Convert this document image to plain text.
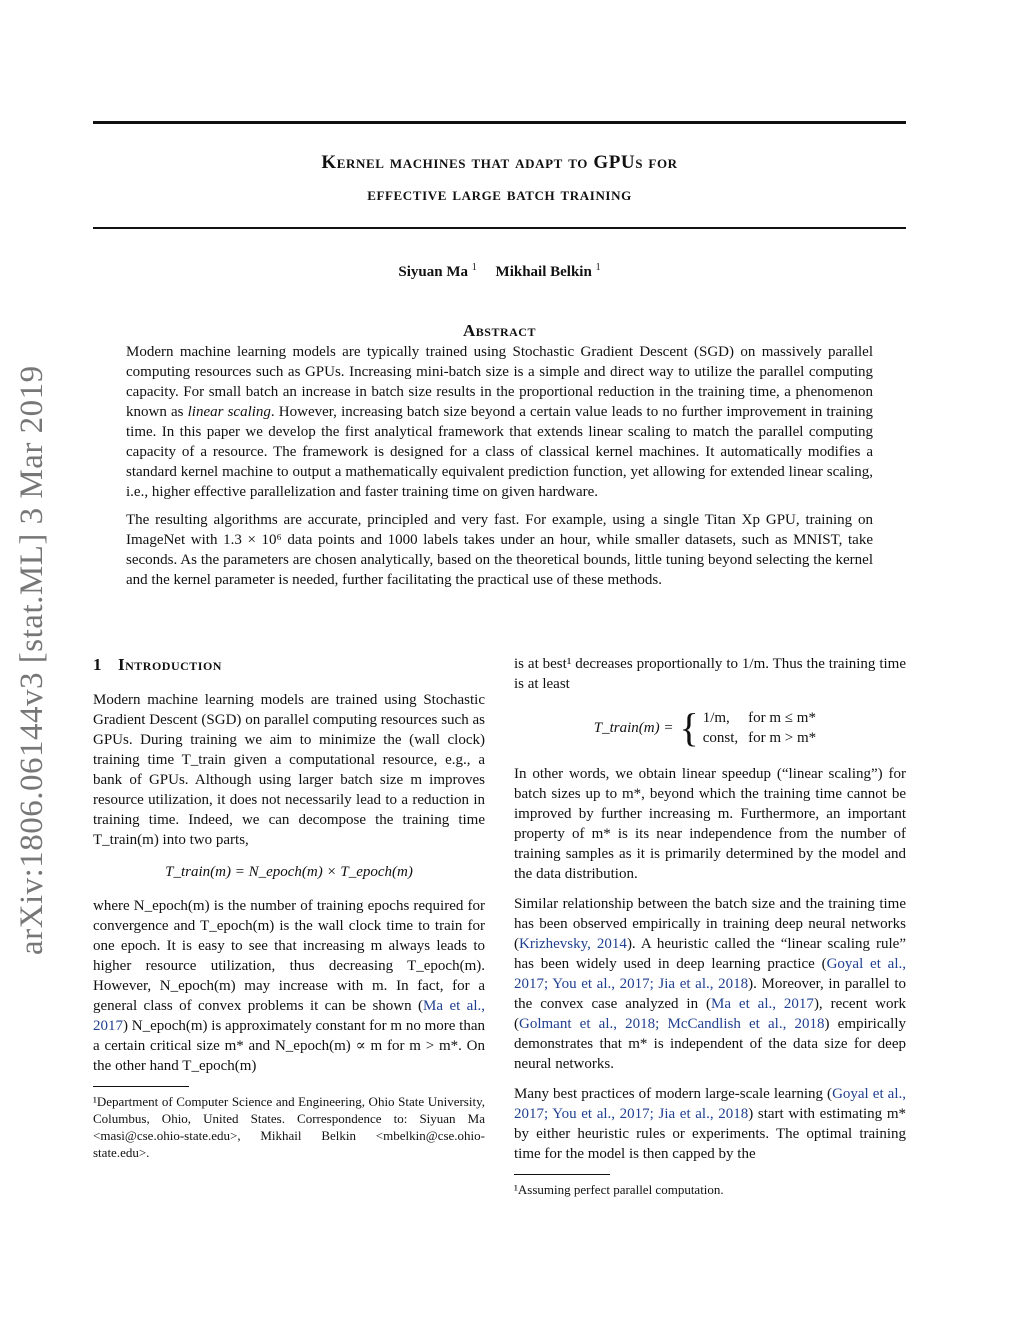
arXiv:1806.06144v3 [stat.ML] 3 Mar 2019
Kernel machines that adapt to GPUs for
effective large batch training
Siyuan Ma $^1$ Mikhail Belkin $^1$
Abstract

Modern machine learning models are typically trained using Stochastic Gradient Descent (SGD) on massively parallel computing resources such as GPUs. Increasing mini-batch size is a simple and direct way to utilize the parallel computing capacity. For small batch an increase in batch size results in the proportional reduction in the training time, a phenomenon known as linear scaling. However, increasing batch size beyond a certain value leads to no further improvement in training time. In this paper we develop the first analytical framework that extends linear scaling to match the parallel computing capacity of a resource. The framework is designed for a class of classical kernel machines. It automatically modifies a standard kernel machine to output a mathematically equivalent prediction function, yet allowing for extended linear scaling, i.e., higher effective parallelization and faster training time on given hardware.

The resulting algorithms are accurate, principled and very fast. For example, using a single Titan Xp GPU, training on ImageNet with 1.3 × 10⁶ data points and 1000 labels takes under an hour, while smaller datasets, such as MNIST, take seconds. As the parameters are chosen analytically, based on the theoretical bounds, little tuning beyond selecting the kernel and the kernel parameter is needed, further facilitating the practical use of these methods.

1 Introduction

Modern machine learning models are trained using Stochastic Gradient Descent (SGD) on parallel computing resources such as GPUs. During training we aim to minimize the (wall clock) training time T_train given a computational resource, e.g., a bank of GPUs. Although using larger batch size m improves resource utilization, it does not necessarily lead to a reduction in training time. Indeed, we can decompose the training time T_train(m) into two parts,

T_train(m) = N_epoch(m) × T_epoch(m)

where N_epoch(m) is the number of training epochs required for convergence and T_epoch(m) is the wall clock time to train for one epoch. It is easy to see that increasing m always leads to higher resource utilization, thus decreasing T_epoch(m). However, N_epoch(m) may increase with m. In fact, for a general class of convex problems it can be shown (Ma et al., 2017) N_epoch(m) is approximately constant for m no more than a certain critical size m* and N_epoch(m) ∝ m for m > m*. On the other hand T_epoch(m)

¹Department of Computer Science and Engineering, Ohio State University, Columbus, Ohio, United States. Correspondence to: Siyuan Ma <masi@cse.ohio-state.edu>, Mikhail Belkin <mbelkin@cse.ohio-state.edu>.

is at best¹ decreases proportionally to 1/m. Thus the training time is at least

T_train(m) = { 1/m,	for m ≤ m*
const,	for m > m*

In other words, we obtain linear speedup (“linear scaling”) for batch sizes up to m*, beyond which the training time cannot be improved by further increasing m. Furthermore, an important property of m* is its near independence from the number of training samples as it is primarily determined by the model and the data distribution.

Similar relationship between the batch size and the training time has been observed empirically in training deep neural networks (Krizhevsky, 2014). A heuristic called the “linear scaling rule” has been widely used in deep learning practice (Goyal et al., 2017; You et al., 2017; Jia et al., 2018). Moreover, in parallel to the convex case analyzed in (Ma et al., 2017), recent work (Golmant et al., 2018; McCandlish et al., 2018) empirically demonstrates that m* is independent of the data size for deep neural networks.

Many best practices of modern large-scale learning (Goyal et al., 2017; You et al., 2017; Jia et al., 2018) start with estimating m* by either heuristic rules or experiments. The optimal training time for the model is then capped by the

¹Assuming perfect parallel computation.
